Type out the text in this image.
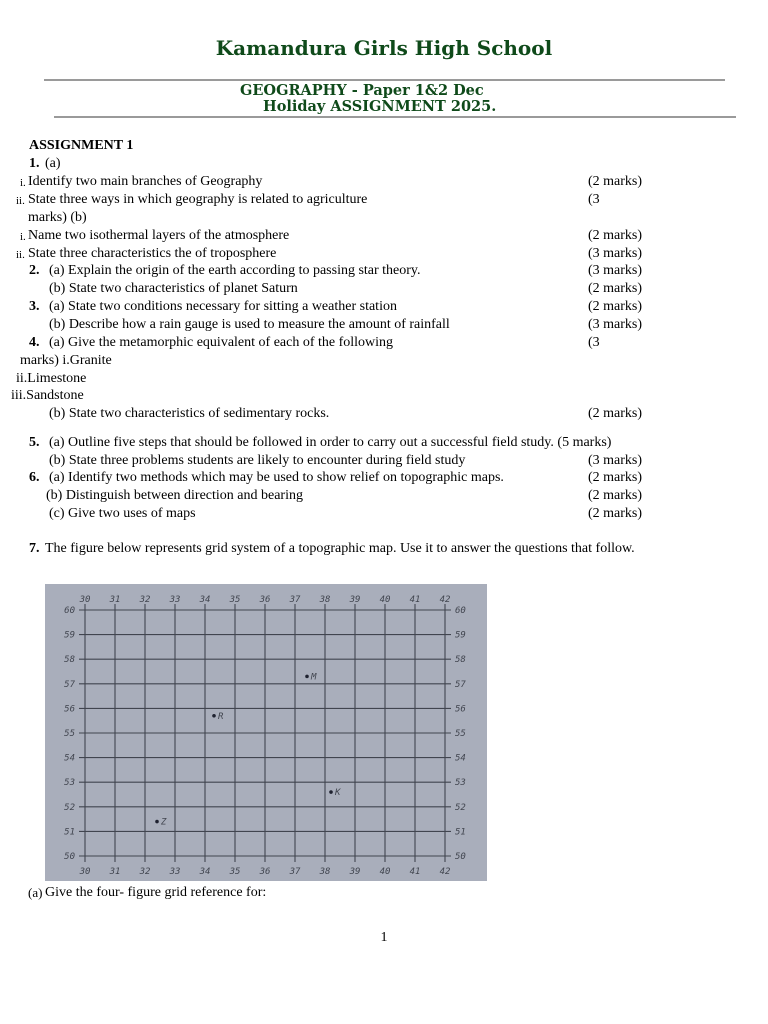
Kamandura Girls High School
GEOGRAPHY - Paper 1&2 Dec
Holiday ASSIGNMENT 2025.
ASSIGNMENT 1
1. (a)
i. Identify two main branches of Geography	(2 marks)
ii. State three ways in which geography is related to agriculture	(3
marks) (b)
i. Name two isothermal layers of the atmosphere	(2 marks)
ii. State three characteristics the of troposphere	(3 marks)
2. (a) Explain the origin of the earth according to passing star theory.	(3 marks)
(b) State two characteristics of planet Saturn	(2 marks)
3. (a) State two conditions necessary for sitting a weather station	(2 marks)
(b) Describe how a rain gauge is used to measure the amount of rainfall	(3 marks)
4. (a) Give the metamorphic equivalent of each of the following	(3
marks) i.Granite
ii.Limestone
iii.Sandstone
(b) State two characteristics of sedimentary rocks.	(2 marks)
5. (a) Outline five steps that should be followed in order to carry out a successful field study. (5 marks)
(b) State three problems students are likely to encounter during field study	(3 marks)
6. (a) Identify two methods which may be used to show relief on topographic maps.	(2 marks)
(b) Distinguish between direction and bearing	(2 marks)
(c) Give two uses of maps	(2 marks)
7. The figure below represents grid system of a topographic map. Use it to answer the questions that follow.
30 31 32 33 34 35 36 37 38 39 40 41 42
30 31 32 33 34 35 36 37 38 39 40 41 42
60
59
58
57
56
55
54
53
52
51
50
60
59
58
57
56
55
54
53
52
51
50
M
R
K
Z
(a) Give the four- figure grid reference for:
1
